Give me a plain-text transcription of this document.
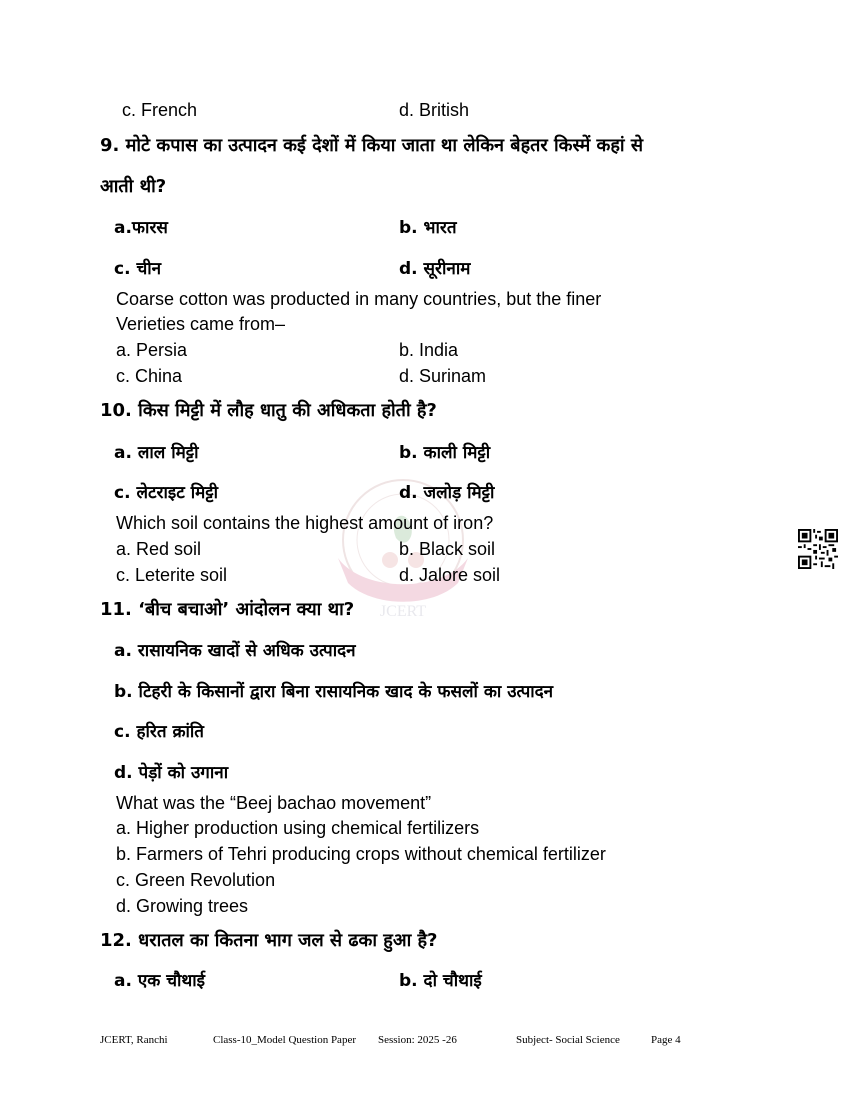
JCERT
c. French	d. British
9. मोटे कपास का उत्पादन कई देशों में किया जाता था लेकिन बेहतर किस्में कहां से
आती थी?
a.फारस	b. भारत
c. चीन	d. सूरीनाम
Coarse cotton was producted in many countries, but the finer
Verieties came from–
a. Persia	b. India
c. China	d. Surinam
10. किस मिट्टी में लौह धातु की अधिकता होती है?
a. लाल मिट्टी	b. काली मिट्टी
c. लेटराइट मिट्टी	d. जलोड़ मिट्टी
Which soil contains the highest amount of iron?
a. Red soil	b. Black soil
c. Leterite soil	d. Jalore soil
11. ‘बीच बचाओ’ आंदोलन क्या था?
a. रासायनिक खादों से अधिक उत्पादन
b. टिहरी के किसानों द्वारा बिना रासायनिक खाद के फसलों का उत्पादन
c. हरित क्रांति
d. पेड़ों को उगाना
What was the “Beej bachao movement”
a. Higher production using chemical fertilizers
b. Farmers of Tehri producing crops without chemical fertilizer
c. Green Revolution
d. Growing trees
12. धरातल का कितना भाग जल से ढका हुआ है?
a. एक चौथाई	b. दो चौथाई
JCERT, Ranchi	Class-10_Model Question Paper Session: 2025 -26	Subject- Social Science	Page 4
